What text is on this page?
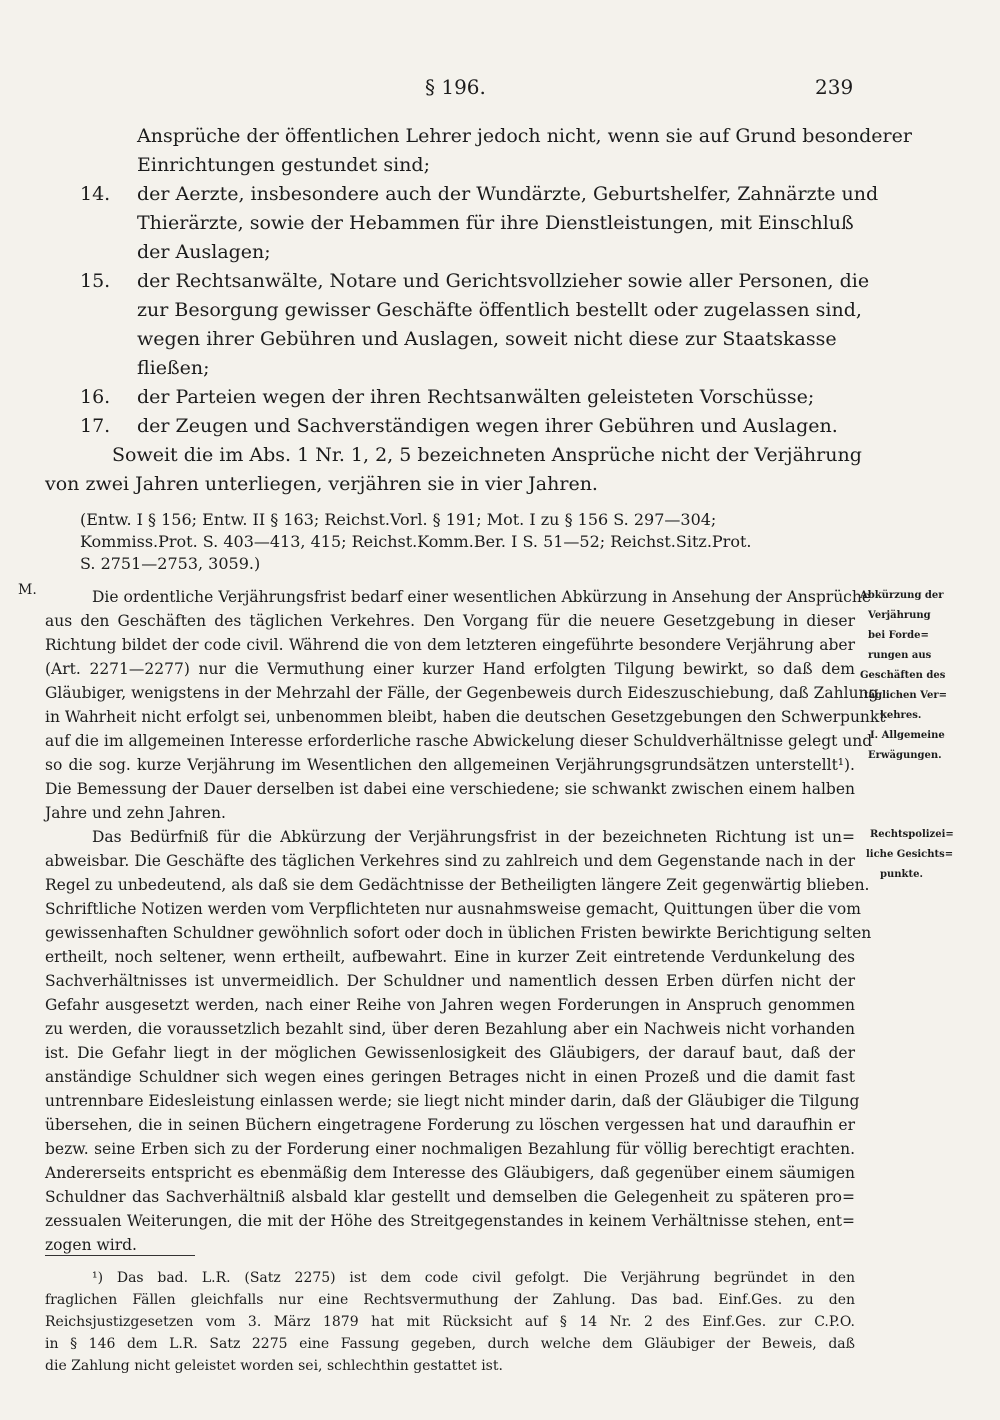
§ 196.	239
Ansprüche der öffentlichen Lehrer jedoch nicht, wenn sie auf Grund besonderer
Einrichtungen gestundet sind;
14. der Aerzte, insbesondere auch der Wundärzte, Geburtshelfer, Zahnärzte und
Thierärzte, sowie der Hebammen für ihre Dienstleistungen, mit Einschluß
der Auslagen;
15. der Rechtsanwälte, Notare und Gerichtsvollzieher sowie aller Personen, die
zur Besorgung gewisser Geschäfte öffentlich bestellt oder zugelassen sind,
wegen ihrer Gebühren und Auslagen, soweit nicht diese zur Staatskasse
fließen;
16. der Parteien wegen der ihren Rechtsanwälten geleisteten Vorschüsse;
17. der Zeugen und Sachverständigen wegen ihrer Gebühren und Auslagen.
Soweit die im Abs. 1 Nr. 1, 2, 5 bezeichneten Ansprüche nicht der Verjährung
von zwei Jahren unterliegen, verjähren sie in vier Jahren.
(Entw. I § 156; Entw. II § 163; Reichst.Vorl. § 191; Mot. I zu § 156 S. 297—304;
Kommiss.Prot. S. 403—413, 415; Reichst.Komm.Ber. I S. 51—52; Reichst.Sitz.Prot.
S. 2751—2753, 3059.)
M.	Die ordentliche Verjährungsfrist bedarf einer wesentlichen Abkürzung in Ansehung der Ansprüche
aus den Geschäften des täglichen Verkehres. Den Vorgang für die neuere Gesetzgebung in dieser
Richtung bildet der code civil. Während die von dem letzteren eingeführte besondere Verjährung aber
(Art. 2271—2277) nur die Vermuthung einer kurzer Hand erfolgten Tilgung bewirkt, so daß dem
Gläubiger, wenigstens in der Mehrzahl der Fälle, der Gegenbeweis durch Eideszuschiebung, daß Zahlung
in Wahrheit nicht erfolgt sei, unbenommen bleibt, haben die deutschen Gesetzgebungen den Schwerpunkt
auf die im allgemeinen Interesse erforderliche rasche Abwickelung dieser Schuldverhältnisse gelegt und
so die sog. kurze Verjährung im Wesentlichen den allgemeinen Verjährungsgrundsätzen unterstellt¹).
Die Bemessung der Dauer derselben ist dabei eine verschiedene; sie schwankt zwischen einem halben
Jahre und zehn Jahren.
Das Bedürfniß für die Abkürzung der Verjährungsfrist in der bezeichneten Richtung ist un=
abweisbar. Die Geschäfte des täglichen Verkehres sind zu zahlreich und dem Gegenstande nach in der
Regel zu unbedeutend, als daß sie dem Gedächtnisse der Betheiligten längere Zeit gegenwärtig blieben.
Schriftliche Notizen werden vom Verpflichteten nur ausnahmsweise gemacht, Quittungen über die vom
gewissenhaften Schuldner gewöhnlich sofort oder doch in üblichen Fristen bewirkte Berichtigung selten
ertheilt, noch seltener, wenn ertheilt, aufbewahrt. Eine in kurzer Zeit eintretende Verdunkelung des
Sachverhältnisses ist unvermeidlich. Der Schuldner und namentlich dessen Erben dürfen nicht der
Gefahr ausgesetzt werden, nach einer Reihe von Jahren wegen Forderungen in Anspruch genommen
zu werden, die voraussetzlich bezahlt sind, über deren Bezahlung aber ein Nachweis nicht vorhanden
ist. Die Gefahr liegt in der möglichen Gewissenlosigkeit des Gläubigers, der darauf baut, daß der
anständige Schuldner sich wegen eines geringen Betrages nicht in einen Prozeß und die damit fast
untrennbare Eidesleistung einlassen werde; sie liegt nicht minder darin, daß der Gläubiger die Tilgung
übersehen, die in seinen Büchern eingetragene Forderung zu löschen vergessen hat und daraufhin er
bezw. seine Erben sich zu der Forderung einer nochmaligen Bezahlung für völlig berechtigt erachten.
Andererseits entspricht es ebenmäßig dem Interesse des Gläubigers, daß gegenüber einem säumigen
Schuldner das Sachverhältniß alsbald klar gestellt und demselben die Gelegenheit zu späteren pro=
zessualen Weiterungen, die mit der Höhe des Streitgegenstandes in keinem Verhältnisse stehen, ent=
zogen wird.
Abkürzung der
Verjährung
bei Forde=
rungen aus
Geschäften des
täglichen Ver=
kehres.
I. Allgemeine
Erwägungen.
Rechtspolizei=
liche Gesichts=
punkte.
¹) Das bad. L.R. (Satz 2275) ist dem code civil gefolgt. Die Verjährung begründet in den
fraglichen Fällen gleichfalls nur eine Rechtsvermuthung der Zahlung. Das bad. Einf.Ges. zu den
Reichsjustizgesetzen vom 3. März 1879 hat mit Rücksicht auf § 14 Nr. 2 des Einf.Ges. zur C.P.O.
in § 146 dem L.R. Satz 2275 eine Fassung gegeben, durch welche dem Gläubiger der Beweis, daß
die Zahlung nicht geleistet worden sei, schlechthin gestattet ist.
